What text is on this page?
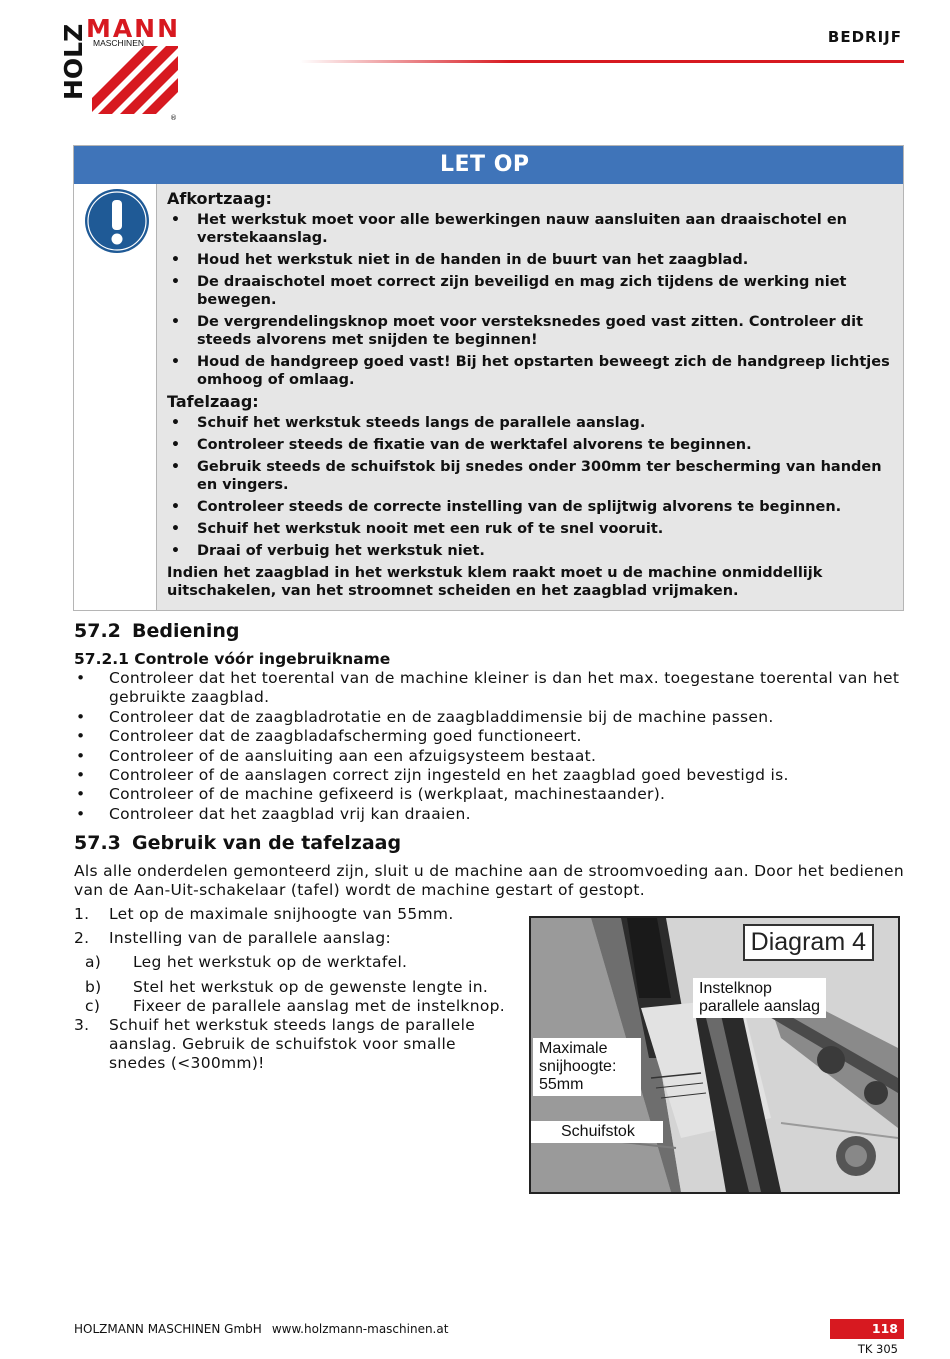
HOLZ
MANN
MASCHINEN
®
BEDRIJF
LET OP
Afkortzaag:
• Het werkstuk moet voor alle bewerkingen nauw aansluiten aan draaischotel en verstekaanslag.
• Houd het werkstuk niet in de handen in de buurt van het zaagblad.
• De draaischotel moet correct zijn beveiligd en mag zich tijdens de werking niet bewegen.
• De vergrendelingsknop moet voor versteksnedes goed vast zitten. Controleer dit steeds alvorens met snijden te beginnen!
• Houd de handgreep goed vast! Bij het opstarten beweegt zich de handgreep lichtjes omhoog of omlaag.
Tafelzaag:
• Schuif het werkstuk steeds langs de parallele aanslag.
• Controleer steeds de fixatie van de werktafel alvorens te beginnen.
• Gebruik steeds de schuifstok bij snedes onder 300mm ter bescherming van handen en vingers.
• Controleer steeds de correcte instelling van de splijtwig alvorens te beginnen.
• Schuif het werkstuk nooit met een ruk of te snel vooruit.
• Draai of verbuig het werkstuk niet.
Indien het zaagblad in het werkstuk klem raakt moet u de machine onmiddellijk uitschakelen, van het stroomnet scheiden en het zaagblad vrijmaken.
57.2 Bediening
57.2.1 Controle vóór ingebruikname
• Controleer dat het toerental van de machine kleiner is dan het max. toegestane toerental van het gebruikte zaagblad.
• Controleer dat de zaagbladrotatie en de zaagbladdimensie bij de machine passen.
• Controleer dat de zaagbladafscherming goed functioneert.
• Controleer of de aansluiting aan een afzuigsysteem bestaat.
• Controleer of de aanslagen correct zijn ingesteld en het zaagblad goed bevestigd is.
• Controleer of de machine gefixeerd is (werkplaat, machinestaander).
• Controleer dat het zaagblad vrij kan draaien.
57.3 Gebruik van de tafelzaag
Als alle onderdelen gemonteerd zijn, sluit u de machine aan de stroomvoeding aan. Door het bedienen van de Aan-Uit-schakelaar (tafel) wordt de machine gestart of gestopt.
1. Let op de maximale snijhoogte van 55mm.
2. Instelling van de parallele aanslag:
a) Leg het werkstuk op de werktafel.
b) Stel het werkstuk op de gewenste lengte in.
c) Fixeer de parallele aanslag met de instelknop.
3. Schuif het werkstuk steeds langs de parallele aanslag. Gebruik de schuifstok voor smalle snedes (<300mm)!
Diagram 4
Instelknop
parallele aanslag
Maximale
snijhoogte:
55mm
Schuifstok
HOLZMANN MASCHINEN GmbH www.holzmann-maschinen.at	118
TK 305
